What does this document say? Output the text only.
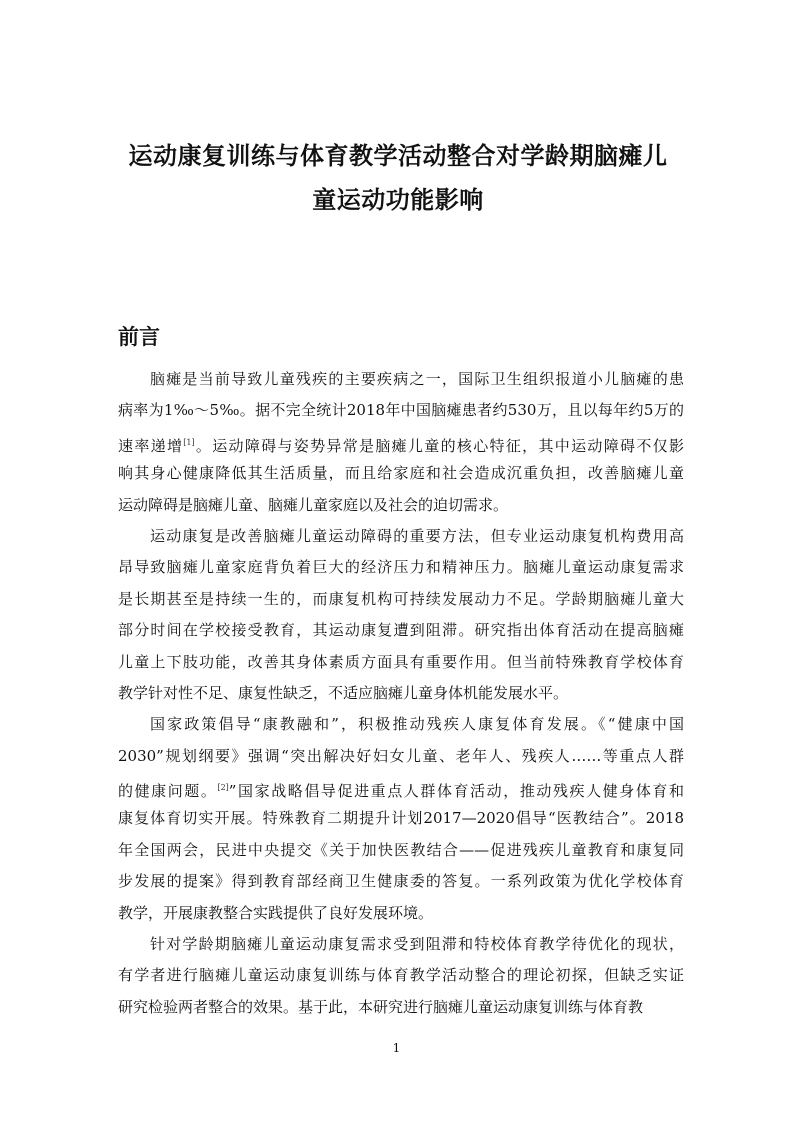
运动康复训练与体育教学活动整合对学龄期脑瘫儿
童运动功能影响
前言
脑瘫是当前导致儿童残疾的主要疾病之一，国际卫生组织报道小儿脑瘫的患
病率为1‰～5‰。据不完全统计2018年中国脑瘫患者约530万，且以每年约5万的
速率递增[1]。运动障碍与姿势异常是脑瘫儿童的核心特征，其中运动障碍不仅影
响其身心健康降低其生活质量，而且给家庭和社会造成沉重负担，改善脑瘫儿童
运动障碍是脑瘫儿童、脑瘫儿童家庭以及社会的迫切需求。
运动康复是改善脑瘫儿童运动障碍的重要方法，但专业运动康复机构费用高
昂导致脑瘫儿童家庭背负着巨大的经济压力和精神压力。脑瘫儿童运动康复需求
是长期甚至是持续一生的，而康复机构可持续发展动力不足。学龄期脑瘫儿童大
部分时间在学校接受教育，其运动康复遭到阻滞。研究指出体育活动在提高脑瘫
儿童上下肢功能，改善其身体素质方面具有重要作用。但当前特殊教育学校体育
教学针对性不足、康复性缺乏，不适应脑瘫儿童身体机能发展水平。
国家政策倡导“康教融和”，积极推动残疾人康复体育发展。《“健康中国
2030”规划纲要》强调“突出解决好妇女儿童、老年人、残疾人……等重点人群
的健康问题。[2]”国家战略倡导促进重点人群体育活动，推动残疾人健身体育和
康复体育切实开展。特殊教育二期提升计划2017—2020倡导“医教结合”。2018
年全国两会，民进中央提交《关于加快医教结合——促进残疾儿童教育和康复同
步发展的提案》得到教育部经商卫生健康委的答复。一系列政策为优化学校体育
教学，开展康教整合实践提供了良好发展环境。
针对学龄期脑瘫儿童运动康复需求受到阻滞和特校体育教学待优化的现状，
有学者进行脑瘫儿童运动康复训练与体育教学活动整合的理论初探，但缺乏实证
研究检验两者整合的效果。基于此，本研究进行脑瘫儿童运动康复训练与体育教
1
